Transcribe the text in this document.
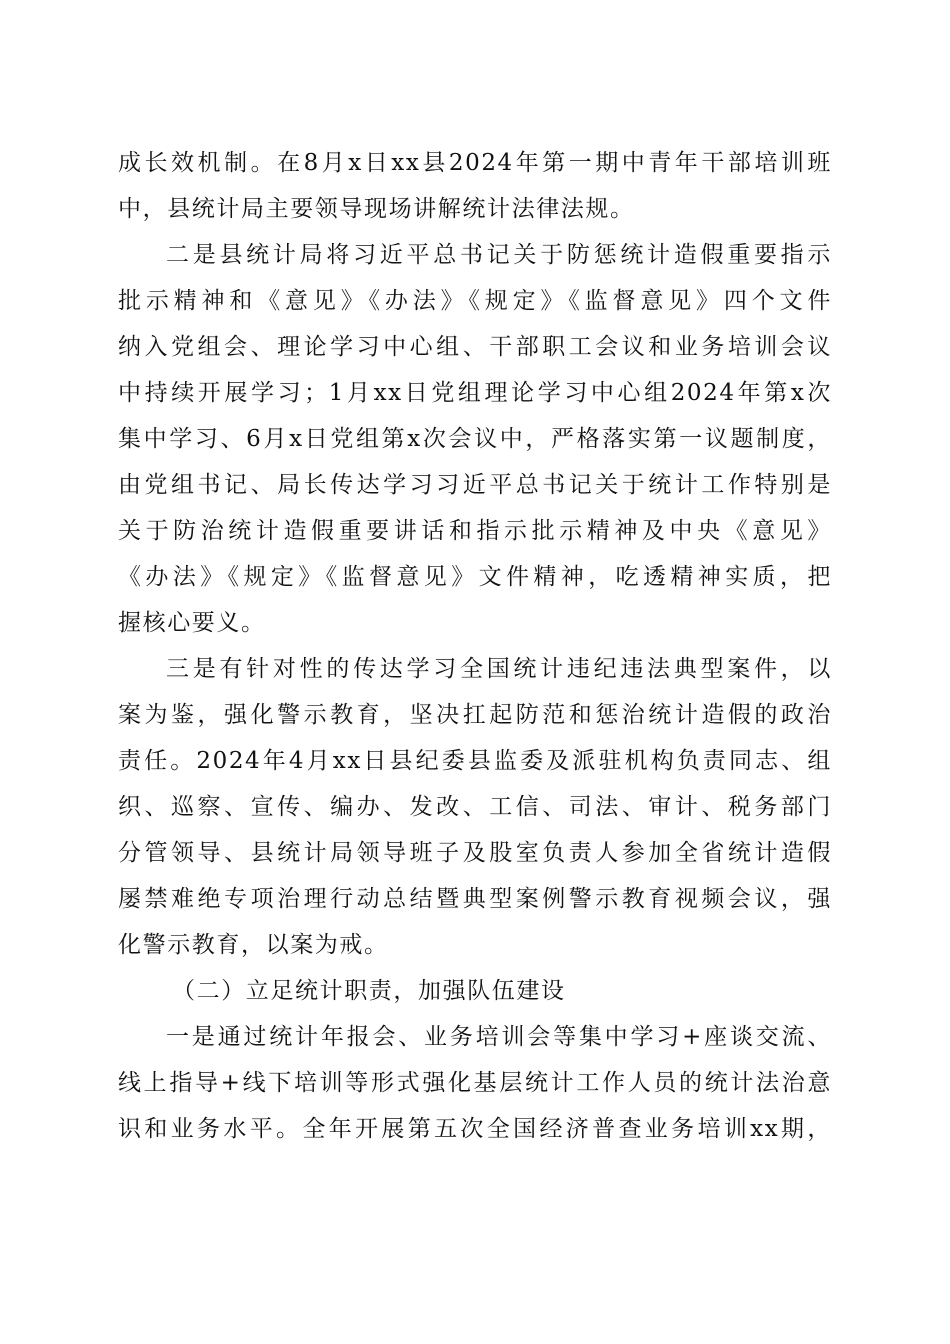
成长效机制。在8月x日xx县2024年第一期中青年干部培训班
中，县统计局主要领导现场讲解统计法律法规。
二是县统计局将习近平总书记关于防惩统计造假重要指示
批示精神和《意见》《办法》《规定》《监督意见》四个文件
纳入党组会、理论学习中心组、干部职工会议和业务培训会议
中持续开展学习；1月xx日党组理论学习中心组2024年第x次
集中学习、6月x日党组第x次会议中，严格落实第一议题制度，
由党组书记、局长传达学习习近平总书记关于统计工作特别是
关于防治统计造假重要讲话和指示批示精神及中央《意见》
《办法》《规定》《监督意见》文件精神，吃透精神实质，把
握核心要义。
三是有针对性的传达学习全国统计违纪违法典型案件，以
案为鉴，强化警示教育，坚决扛起防范和惩治统计造假的政治
责任。2024年4月xx日县纪委县监委及派驻机构负责同志、组
织、巡察、宣传、编办、发改、工信、司法、审计、税务部门
分管领导、县统计局领导班子及股室负责人参加全省统计造假
屡禁难绝专项治理行动总结暨典型案例警示教育视频会议，强
化警示教育，以案为戒。
（二）立足统计职责，加强队伍建设
一是通过统计年报会、业务培训会等集中学习+座谈交流、
线上指导+线下培训等形式强化基层统计工作人员的统计法治意
识和业务水平。全年开展第五次全国经济普查业务培训xx期，
